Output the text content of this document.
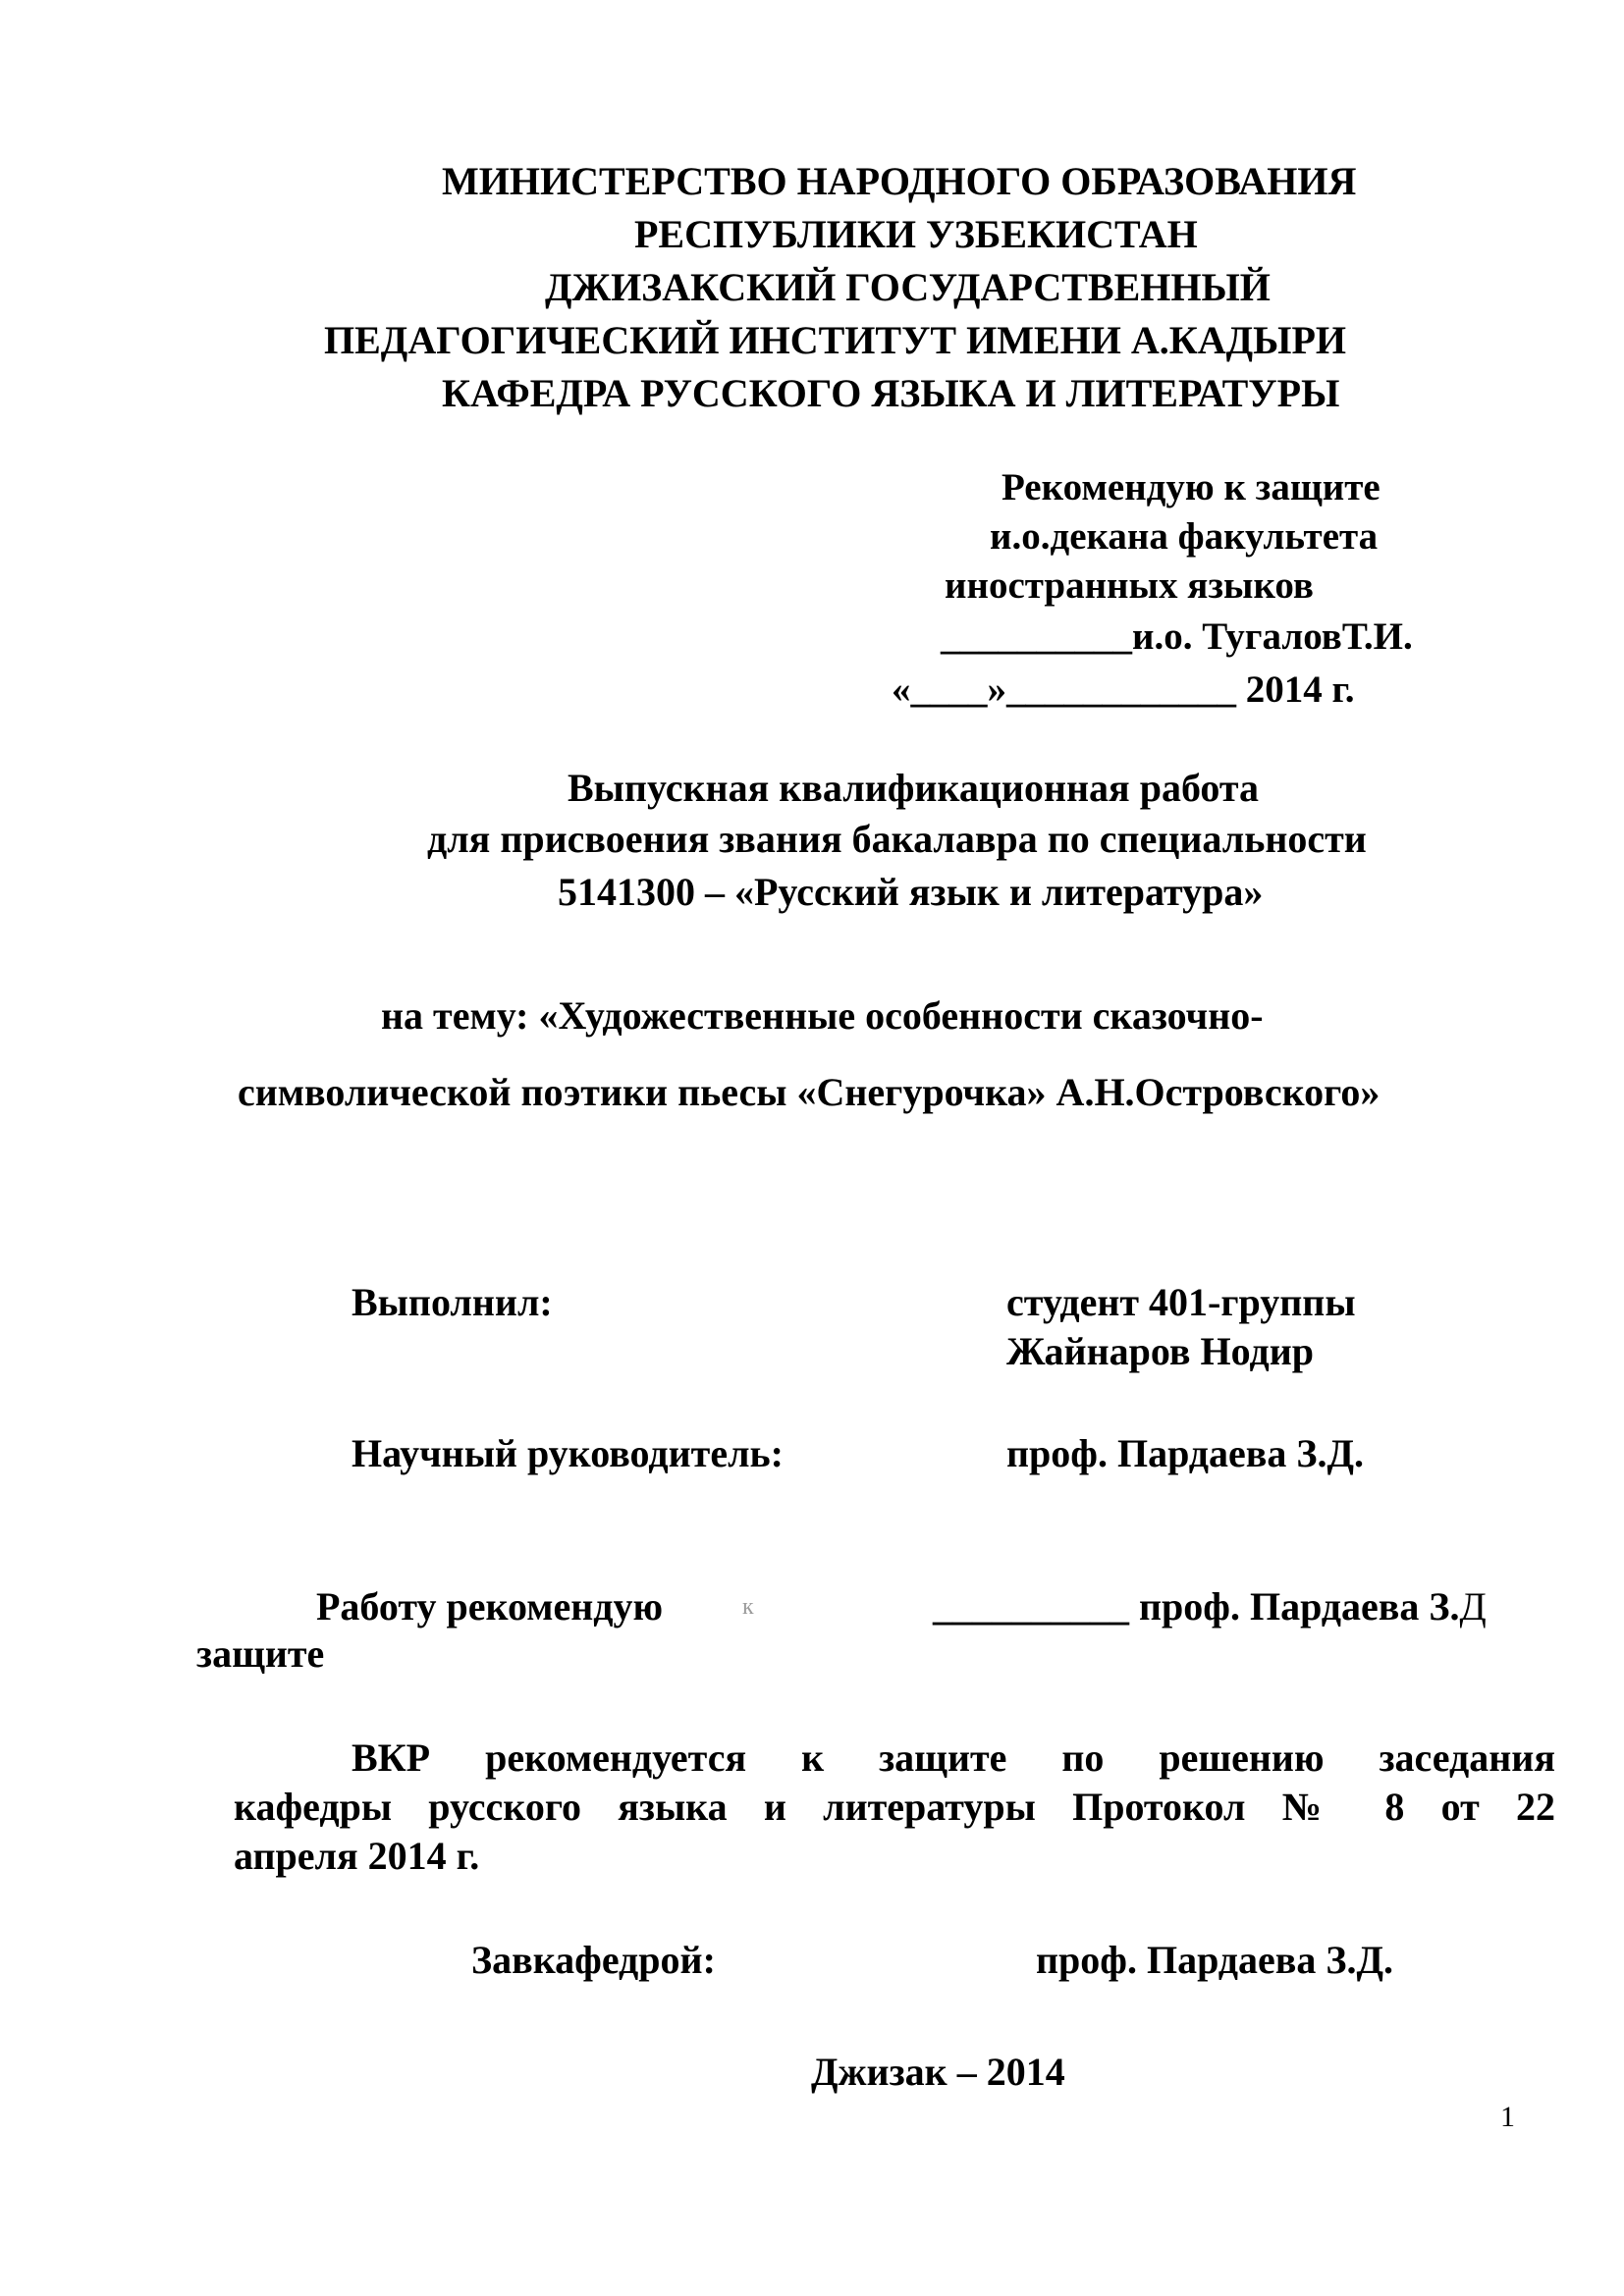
МИНИСТЕРСТВО НАРОДНОГО ОБРАЗОВАНИЯ
РЕСПУБЛИКИ УЗБЕКИСТАН
ДЖИЗАКСКИЙ ГОСУДАРСТВЕННЫЙ
ПЕДАГОГИЧЕСКИЙ ИНСТИТУТ ИМЕНИ А.КАДЫРИ
КАФЕДРА РУССКОГО ЯЗЫКА И ЛИТЕРАТУРЫ
Рекомендую к защите
и.о.декана факультета
иностранных языков
__________и.о. ТугаловТ.И.
«____»____________ 2014 г.
Выпускная квалификационная работа
для присвоения звания бакалавра по специальности
5141300 – «Русский язык и литература»
на тему: «Художественные особенности сказочно-
символической поэтики пьесы «Снегурочка» А.Н.Островского»
Выполнил:	студент 401-группы
Жайнаров Нодир
Научный руководитель:	проф. Пардаева З.Д.
Работу рекомендую	к	__________ проф. Пардаева З.Д
защите
ВКР рекомендуется к защите по решению заседания
кафедры русского языка и литературы Протокол № 8 от 22
апреля 2014 г.
Завкафедрой:	проф. Пардаева З.Д.
Джизак – 2014
1
